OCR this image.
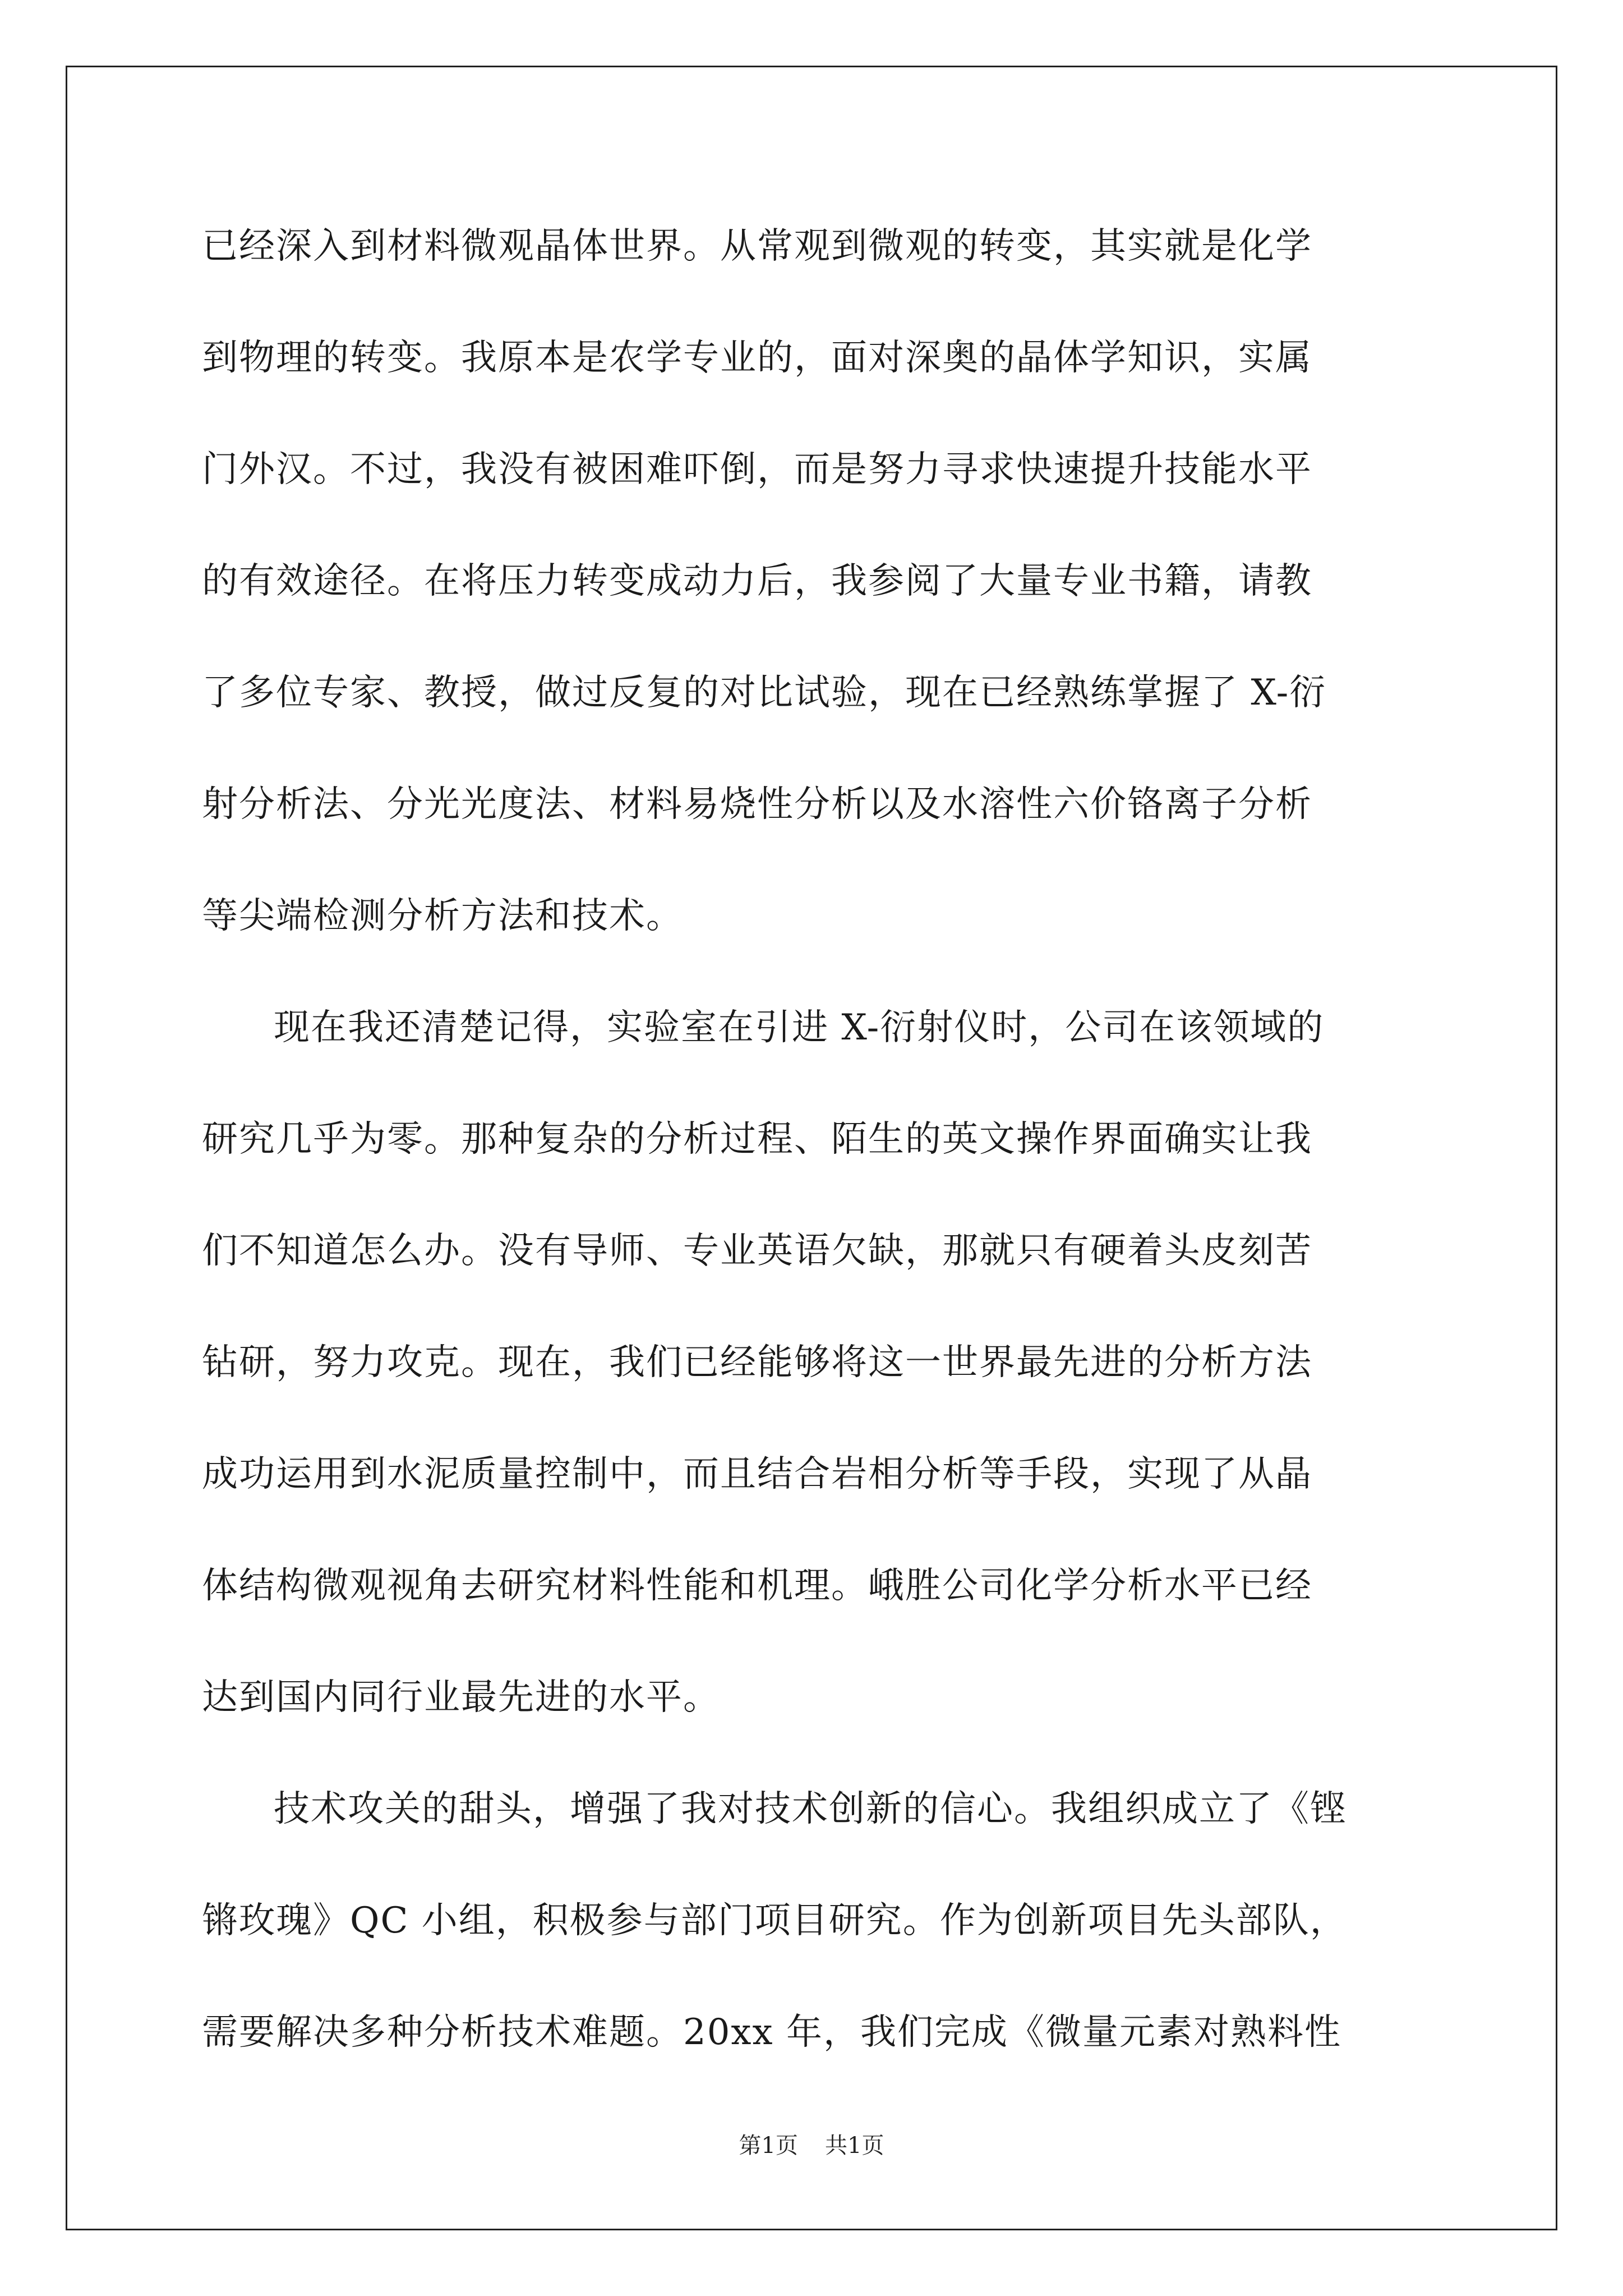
已经深入到材料微观晶体世界。从常观到微观的转变，其实就是化学

到物理的转变。我原本是农学专业的，面对深奥的晶体学知识，实属

门外汉。不过，我没有被困难吓倒，而是努力寻求快速提升技能水平

的有效途径。在将压力转变成动力后，我参阅了大量专业书籍，请教

了多位专家、教授，做过反复的对比试验，现在已经熟练掌握了 X-衍

射分析法、分光光度法、材料易烧性分析以及水溶性六价铬离子分析

等尖端检测分析方法和技术。

现在我还清楚记得，实验室在引进 X-衍射仪时，公司在该领域的

研究几乎为零。那种复杂的分析过程、陌生的英文操作界面确实让我

们不知道怎么办。没有导师、专业英语欠缺，那就只有硬着头皮刻苦

钻研，努力攻克。现在，我们已经能够将这一世界最先进的分析方法

成功运用到水泥质量控制中，而且结合岩相分析等手段，实现了从晶

体结构微观视角去研究材料性能和机理。峨胜公司化学分析水平已经

达到国内同行业最先进的水平。

技术攻关的甜头，增强了我对技术创新的信心。我组织成立了《铿

锵玫瑰》QC 小组，积极参与部门项目研究。作为创新项目先头部队，

需要解决多种分析技术难题。20xx 年，我们完成《微量元素对熟料性

第1页 共1页
